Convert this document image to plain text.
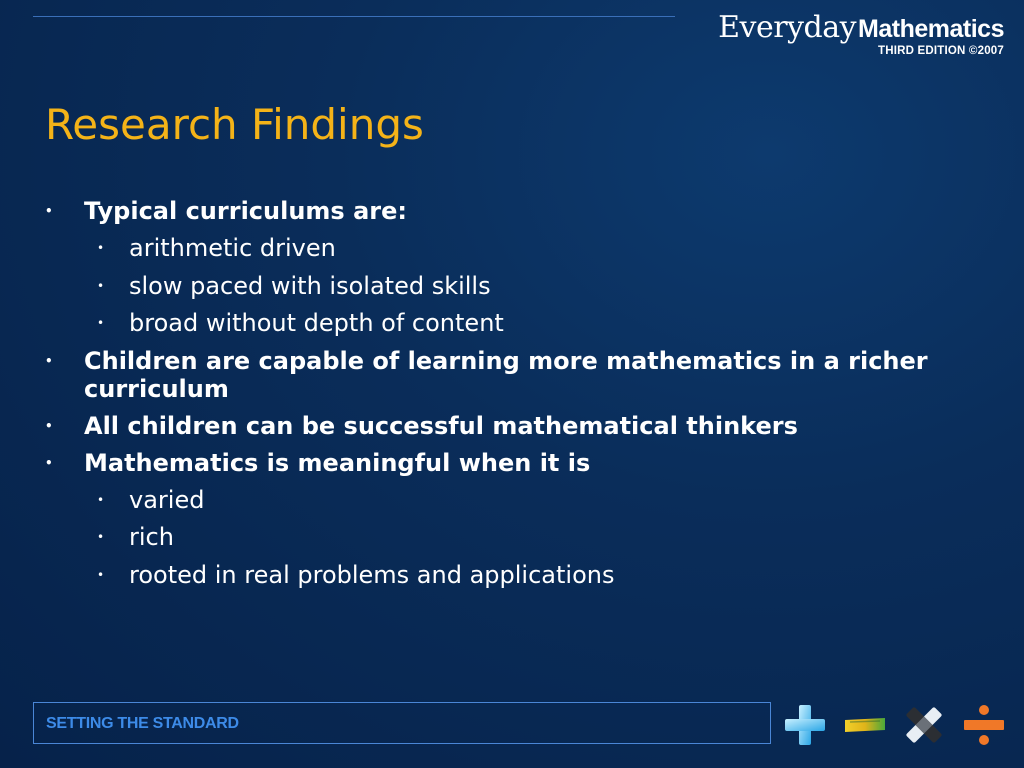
EverydayMathematics
THIRD EDITION ©2007
Research Findings
• Typical curriculums are:
• arithmetic driven
• slow paced with isolated skills
• broad without depth of content
• Children are capable of learning more mathematics in a richer curriculum
• All children can be successful mathematical thinkers
• Mathematics is meaningful when it is
• varied
• rich
• rooted in real problems and applications
SETTING THE STANDARD
